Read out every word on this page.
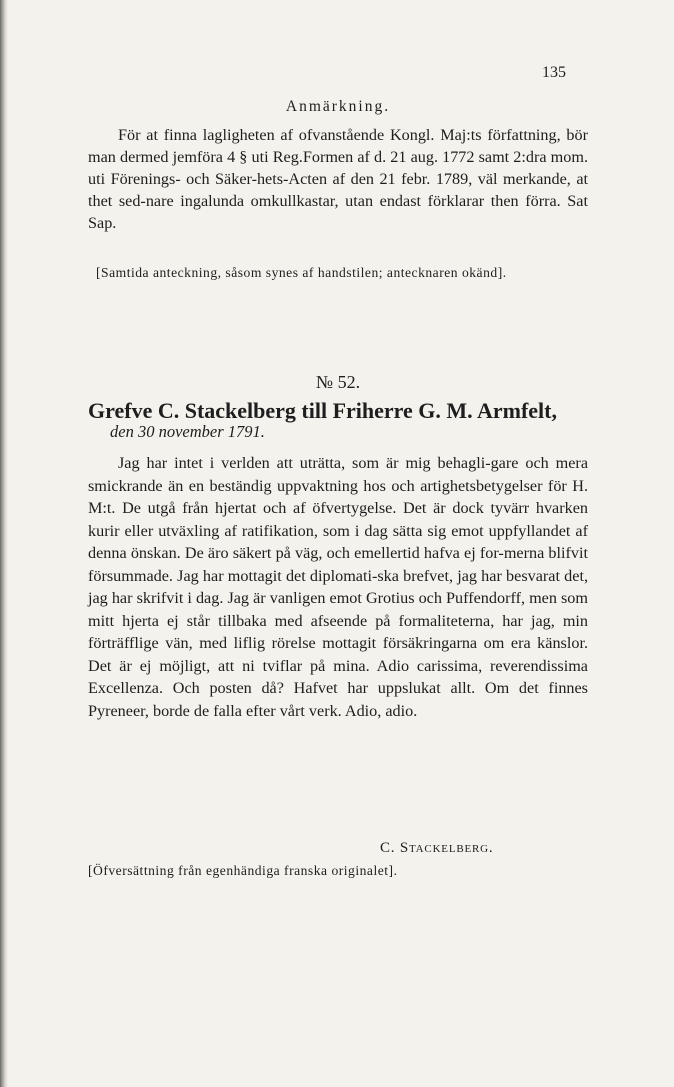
135
Anmärkning.

För at finna lagligheten af ofvanstående Kongl. Maj:ts författning, bör man dermed jemföra 4 § uti Reg.Formen af d. 21 aug. 1772 samt 2:dra mom. uti Förenings- och Säker-hets-Acten af den 21 febr. 1789, väl merkande, at thet sed-nare ingalunda omkullkastar, utan endast förklarar then förra. Sat Sap.

[Samtida anteckning, såsom synes af handstilen; antecknaren okänd].

№ 52.
Grefve C. Stackelberg till Friherre G. M. Armfelt,
den 30 november 1791.

Jag har intet i verlden att uträtta, som är mig behagli-gare och mera smickrande än en beständig uppvaktning hos och artighetsbetygelser för H. M:t. De utgå från hjertat och af öfvertygelse. Det är dock tyvärr hvarken kurir eller utväxling af ratifikation, som i dag sätta sig emot uppfyllandet af denna önskan. De äro säkert på väg, och emellertid hafva ej for-merna blifvit försummade. Jag har mottagit det diplomati-ska brefvet, jag har besvarat det, jag har skrifvit i dag. Jag är vanligen emot Grotius och Puffendorff, men som mitt hjerta ej står tillbaka med afseende på formaliteterna, har jag, min förträfflige vän, med liflig rörelse mottagit försäkringarna om era känslor. Det är ej möjligt, att ni tviflar på mina. Adio carissima, reverendissima Excellenza. Och posten då? Hafvet har uppslukat allt. Om det finnes Pyreneer, borde de falla efter vårt verk. Adio, adio.

C. Stackelberg.

[Öfversättning från egenhändiga franska originalet].
